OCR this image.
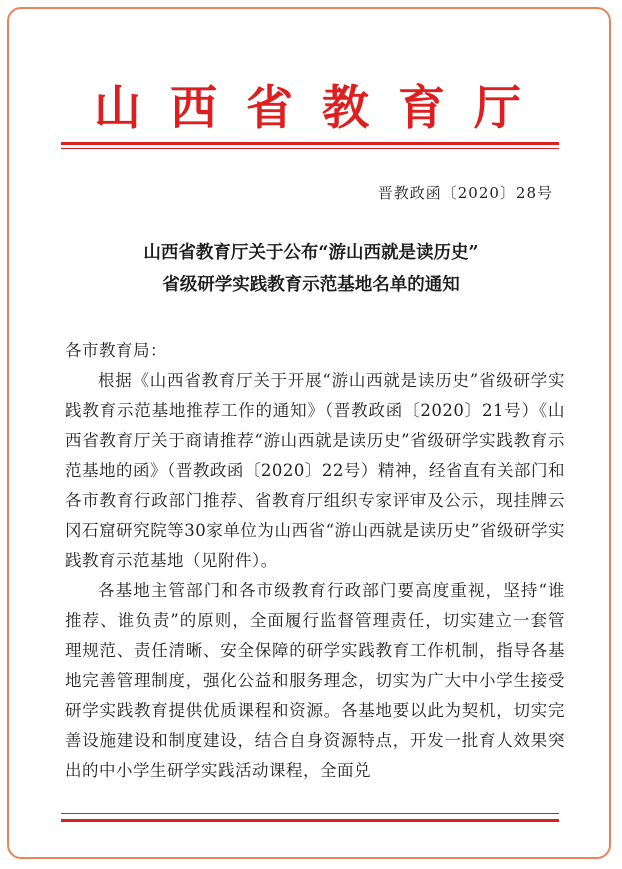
山西省教育厅
晋教政函〔2020〕28号
山西省教育厅关于公布“游山西就是读历史”
省级研学实践教育示范基地名单的通知

各市教育局：

根据《山西省教育厅关于开展“游山西就是读历史”省级研学实践教育示范基地推荐工作的通知》（晋教政函〔2020〕21号）《山西省教育厅关于商请推荐“游山西就是读历史”省级研学实践教育示范基地的函》（晋教政函〔2020〕22号）精神，经省直有关部门和各市教育行政部门推荐、省教育厅组织专家评审及公示，现挂牌云冈石窟研究院等30家单位为山西省“游山西就是读历史”省级研学实践教育示范基地（见附件）。

各基地主管部门和各市级教育行政部门要高度重视，坚持“谁推荐、谁负责”的原则，全面履行监督管理责任，切实建立一套管理规范、责任清晰、安全保障的研学实践教育工作机制，指导各基地完善管理制度，强化公益和服务理念，切实为广大中小学生接受研学实践教育提供优质课程和资源。各基地要以此为契机，切实完善设施建设和制度建设，结合自身资源特点，开发一批育人效果突出的中小学生研学实践活动课程，全面兑
